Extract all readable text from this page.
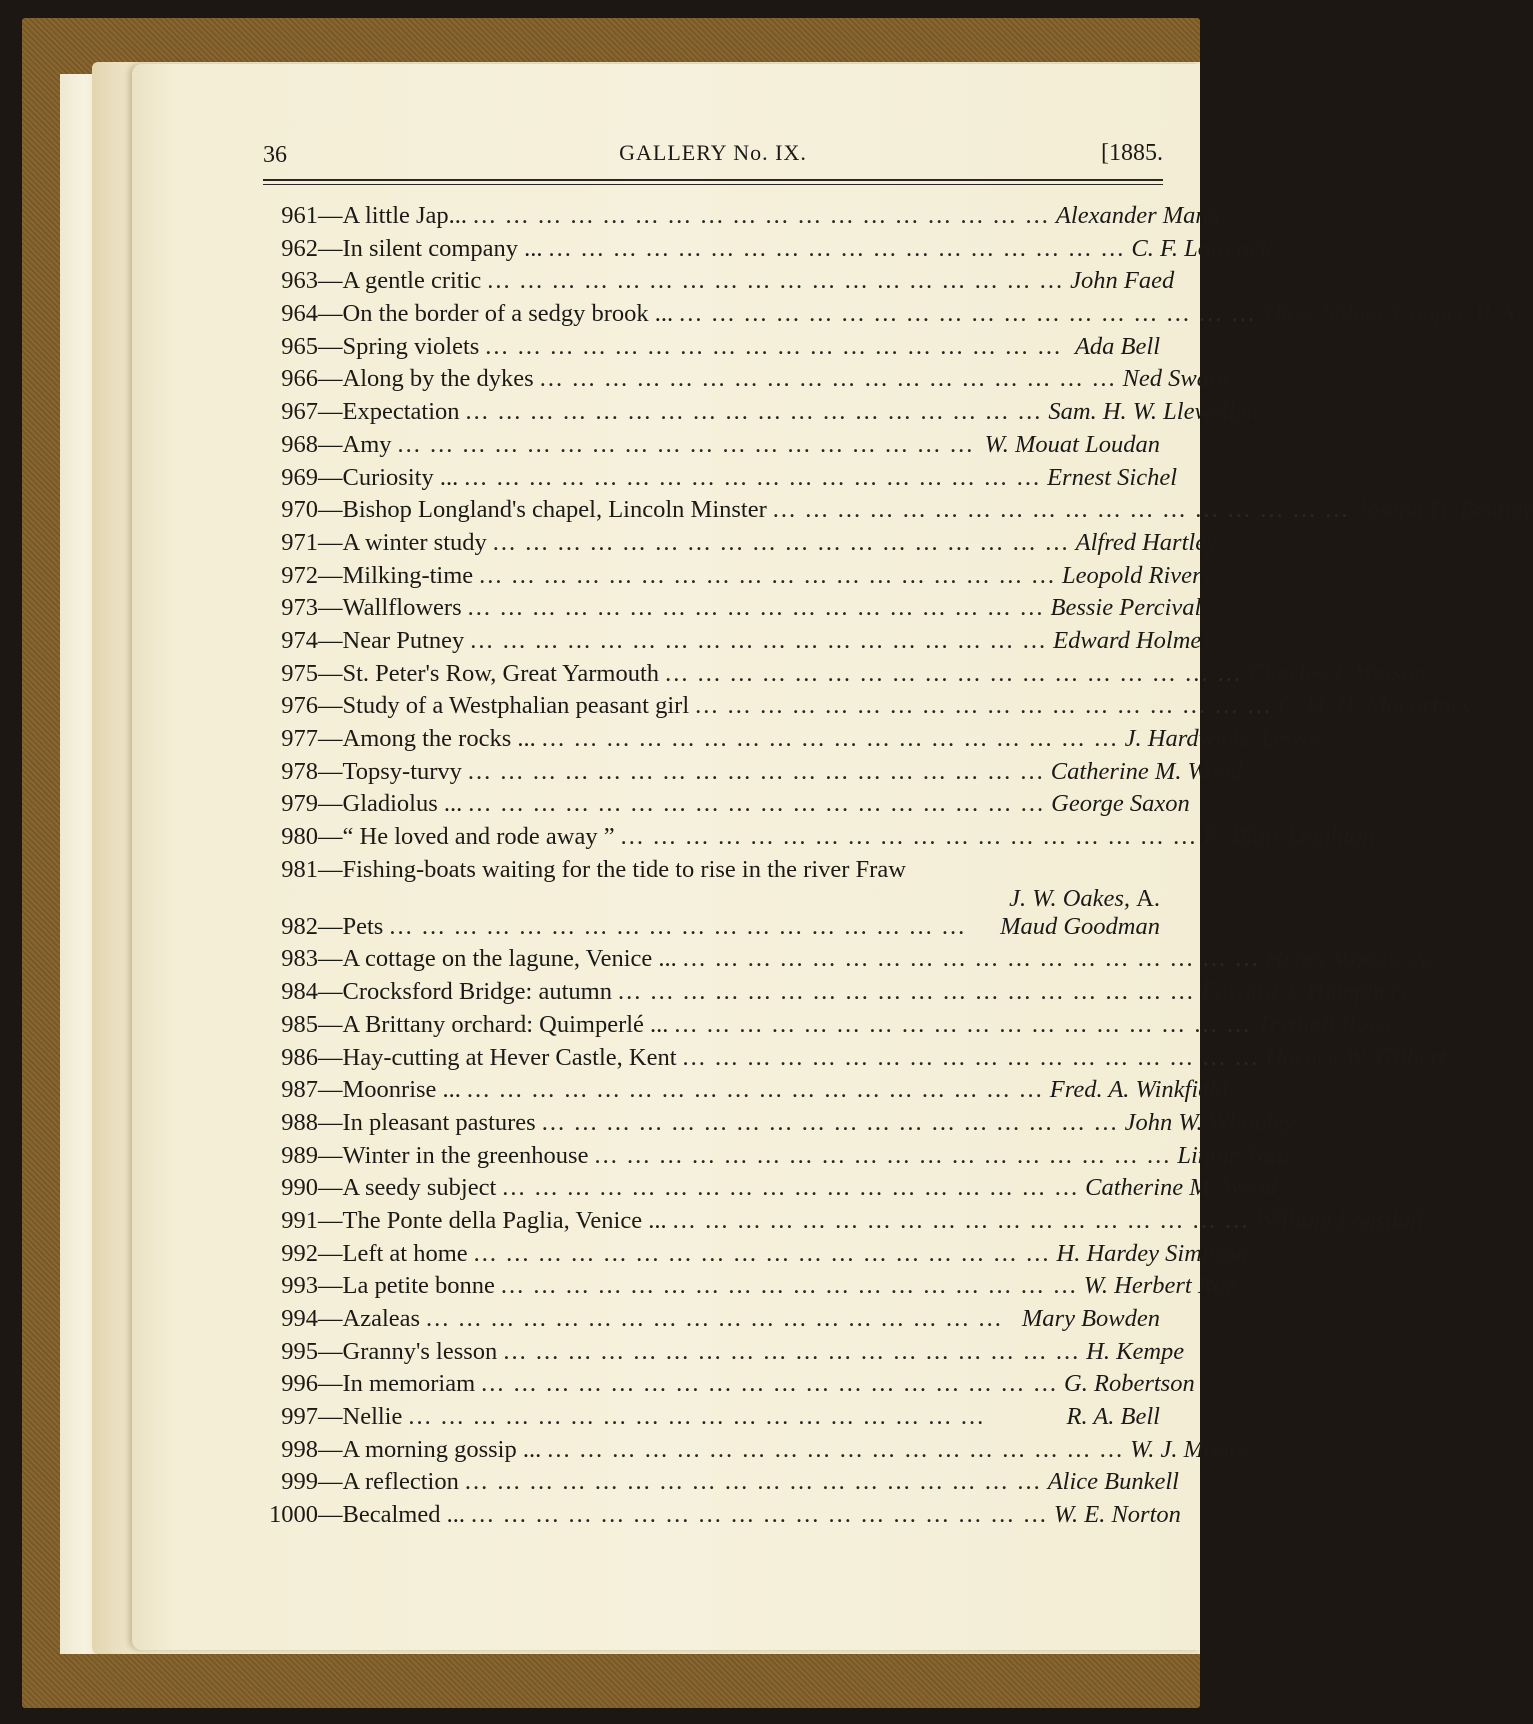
36	GALLERY No. IX.	[1885.
961 — A little Jap... ... ... ... ... ... ... ... ... ... ... ... ... ... ... ... ... ... ... Alexander Mann
962 — In silent company ... ... ... ... ... ... ... ... ... ... ... ... ... ... ... ... ... ... ... C. F. Lowcock
963 — A gentle critic ... ... ... ... ... ... ... ... ... ... ... ... ... ... ... ... ... ... John Faed
964 — On the border of a sedgy brook ... ... ... ... ... ... ... ... ... ... ... ... ... ... ... ... ... ... ... Thos. Sidney Cooper, R.A.
965 — Spring violets ... ... ... ... ... ... ... ... ... ... ... ... ... ... ... ... ... ... Ada Bell
966 — Along by the dykes ... ... ... ... ... ... ... ... ... ... ... ... ... ... ... ... ... ... Ned Swain
967 — Expectation ... ... ... ... ... ... ... ... ... ... ... ... ... ... ... ... ... ... Sam. H. W. Llewellyn
968 — Amy ... ... ... ... ... ... ... ... ... ... ... ... ... ... ... ... ... ... W. Mouat Loudan
969 — Curiosity ... ... ... ... ... ... ... ... ... ... ... ... ... ... ... ... ... ... ... Ernest Sichel
970 — Bishop Longland's chapel, Lincoln Minster ... ... ... ... ... ... ... ... ... ... ... ... ... ... ... ... ... ... Joseph H. Bentley
971 — A winter study ... ... ... ... ... ... ... ... ... ... ... ... ... ... ... ... ... ... Alfred Hartley
972 — Milking-time ... ... ... ... ... ... ... ... ... ... ... ... ... ... ... ... ... ... Leopold Rivers
973 — Wallflowers ... ... ... ... ... ... ... ... ... ... ... ... ... ... ... ... ... ... Bessie Percival
974 — Near Putney ... ... ... ... ... ... ... ... ... ... ... ... ... ... ... ... ... ... Edward Holmes
975 — St. Peter's Row, Great Yarmouth ... ... ... ... ... ... ... ... ... ... ... ... ... ... ... ... ... ... Charles J. Watson
976 — Study of a Westphalian peasant girl ... ... ... ... ... ... ... ... ... ... ... ... ... ... ... ... ... ... C. H. H. Macartney
977 — Among the rocks ... ... ... ... ... ... ... ... ... ... ... ... ... ... ... ... ... ... ... J. Hardwicke Lewis
978 — Topsy-turvy ... ... ... ... ... ... ... ... ... ... ... ... ... ... ... ... ... ... Catherine M. Wood
979 — Gladiolus ... ... ... ... ... ... ... ... ... ... ... ... ... ... ... ... ... ... ... George Saxon
980 — “ He loved and rode away ” ... ... ... ... ... ... ... ... ... ... ... ... ... ... ... ... ... ... E. Blair Leighton
981 — Fishing-boats waiting for the tide to rise in the river Fraw
J. W. Oakes, A.
982 — Pets ... ... ... ... ... ... ... ... ... ... ... ... ... ... ... ... ... ...	Maud Goodman
983 — A cottage on the lagune, Venice ... ... ... ... ... ... ... ... ... ... ... ... ... ... ... ... ... ... ... Henry Woods, A.
984 — Crocksford Bridge: autumn ... ... ... ... ... ... ... ... ... ... ... ... ... ... ... ... ... ... Edward J. Humphery
985 — A Brittany orchard: Quimperlé ... ... ... ... ... ... ... ... ... ... ... ... ... ... ... ... ... ... ... Trythall Rowe
986 — Hay-cutting at Hever Castle, Kent ... ... ... ... ... ... ... ... ... ... ... ... ... ... ... ... ... ... Horace W. Gilbert
987 — Moonrise ... ... ... ... ... ... ... ... ... ... ... ... ... ... ... ... ... ... ... Fred. A. Winkfield
988 — In pleasant pastures ... ... ... ... ... ... ... ... ... ... ... ... ... ... ... ... ... ... John W. Whiteley
989 — Winter in the greenhouse ... ... ... ... ... ... ... ... ... ... ... ... ... ... ... ... ... ... Linnie Watt
990 — A seedy subject ... ... ... ... ... ... ... ... ... ... ... ... ... ... ... ... ... ... Catherine M. Wood
991 — The Ponte della Paglia, Venice ... ... ... ... ... ... ... ... ... ... ... ... ... ... ... ... ... ... ... William Logsdail
992 — Left at home ... ... ... ... ... ... ... ... ... ... ... ... ... ... ... ... ... ... H. Hardey Simpson
993 — La petite bonne ... ... ... ... ... ... ... ... ... ... ... ... ... ... ... ... ... ... W. Herbert Roe
994 — Azaleas ... ... ... ... ... ... ... ... ... ... ... ... ... ... ... ... ... ... Mary Bowden
995 — Granny's lesson ... ... ... ... ... ... ... ... ... ... ... ... ... ... ... ... ... ... H. Kempe
996 — In memoriam ... ... ... ... ... ... ... ... ... ... ... ... ... ... ... ... ... ... G. Robertson
997 — Nellie ... ... ... ... ... ... ... ... ... ... ... ... ... ... ... ... ... ...	R. A. Bell
998 — A morning gossip ... ... ... ... ... ... ... ... ... ... ... ... ... ... ... ... ... ... ... W. J. Moore
999 — A reflection ... ... ... ... ... ... ... ... ... ... ... ... ... ... ... ... ... ... Alice Bunkell
1000 — Becalmed ... ... ... ... ... ... ... ... ... ... ... ... ... ... ... ... ... ... ... W. E. Norton
